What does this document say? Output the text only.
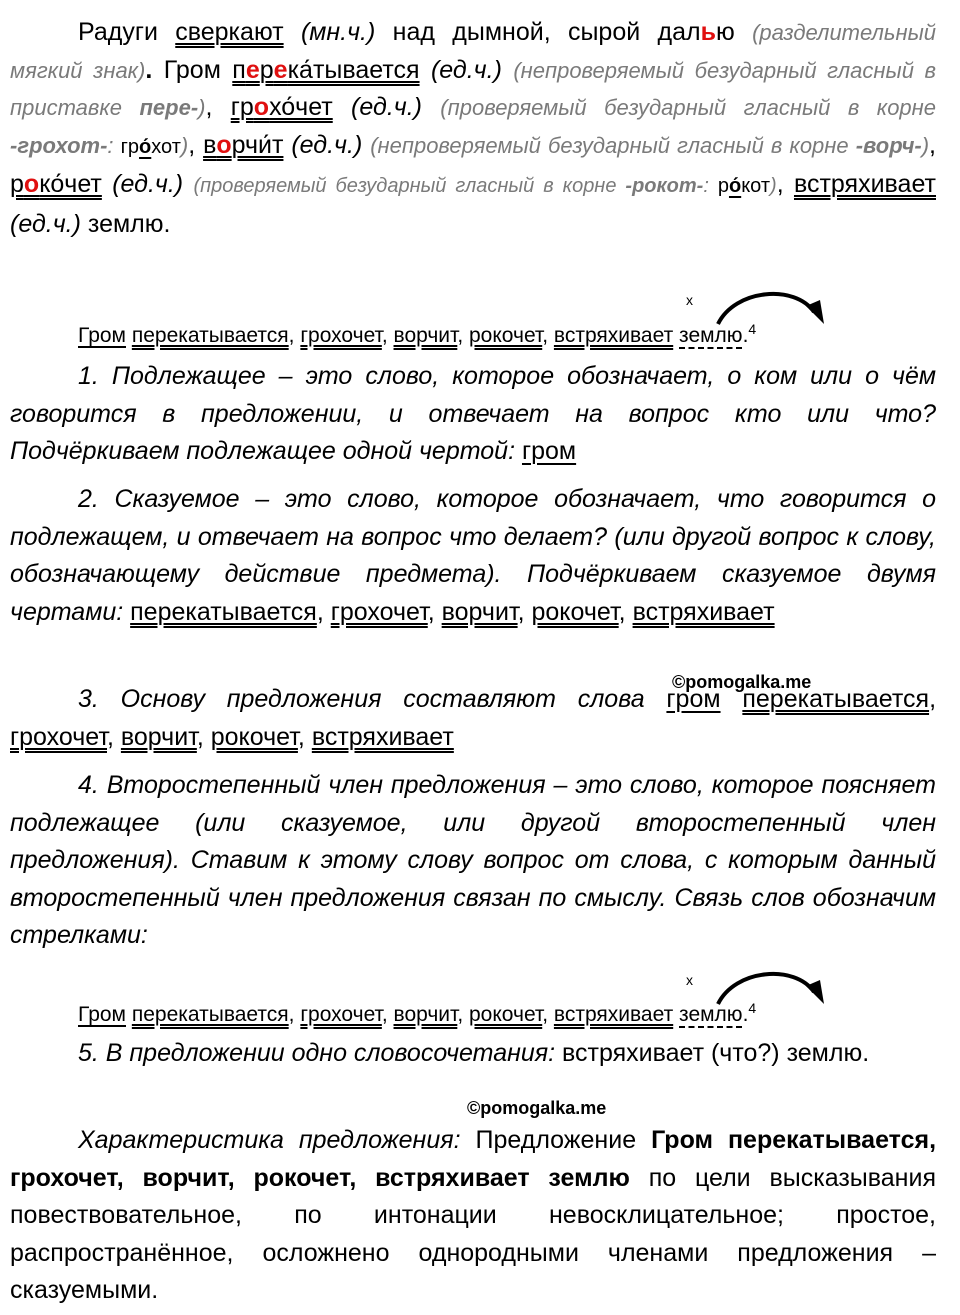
Радуги сверкают (мн.ч.) над дымной, сырой далью (разделительный мягкий знак). Гром перека́тывается (ед.ч.) (непроверяемый безударный гласный в приставке пере-), грохо́чет (ед.ч.) (проверяемый безударный гласный в корне -грохот-: гро́хот), ворчи́т (ед.ч.) (непроверяемый безударный гласный в корне -ворч-), роко́чет (ед.ч.) (проверяемый безударный гласный в корне -рокот-: ро́кот), встряхивает (ед.ч.) землю.

x
Гром перекатывается, грохочет, ворчит, рокочет, встряхивает землю.$^4$

1. Подлежащее – это слово, которое обозначает, о ком или о чём говорится в предложении, и отвечает на вопрос кто или что? Подчёркиваем подлежащее одной чертой: гром

2. Сказуемое – это слово, которое обозначает, что говорится о подлежащем, и отвечает на вопрос что делает? (или другой вопрос к слову, обозначающему действие предмета). Подчёркиваем сказуемое двумя чертами: перекатывается, грохочет, ворчит, рокочет, встряхивает

©pomogalka.me

3. Основу предложения составляют слова гром перекатывается, грохочет, ворчит, рокочет, встряхивает

4. Второстепенный член предложения – это слово, которое поясняет подлежащее (или сказуемое, или другой второстепенный член предложения). Ставим к этому слову вопрос от слова, с которым данный второстепенный член предложения связан по смыслу. Связь слов обозначим стрелками:

x
Гром перекатывается, грохочет, ворчит, рокочет, встряхивает землю.$^4$

5. В предложении одно словосочетания: встряхивает (что?) землю.

©pomogalka.me

Характеристика предложения: Предложение Гром перекатывается, грохочет, ворчит, рокочет, встряхивает землю по цели высказывания повествовательное, по интонации невосклицательное; простое, распространённое, осложнено однородными членами предложения – сказуемыми.
